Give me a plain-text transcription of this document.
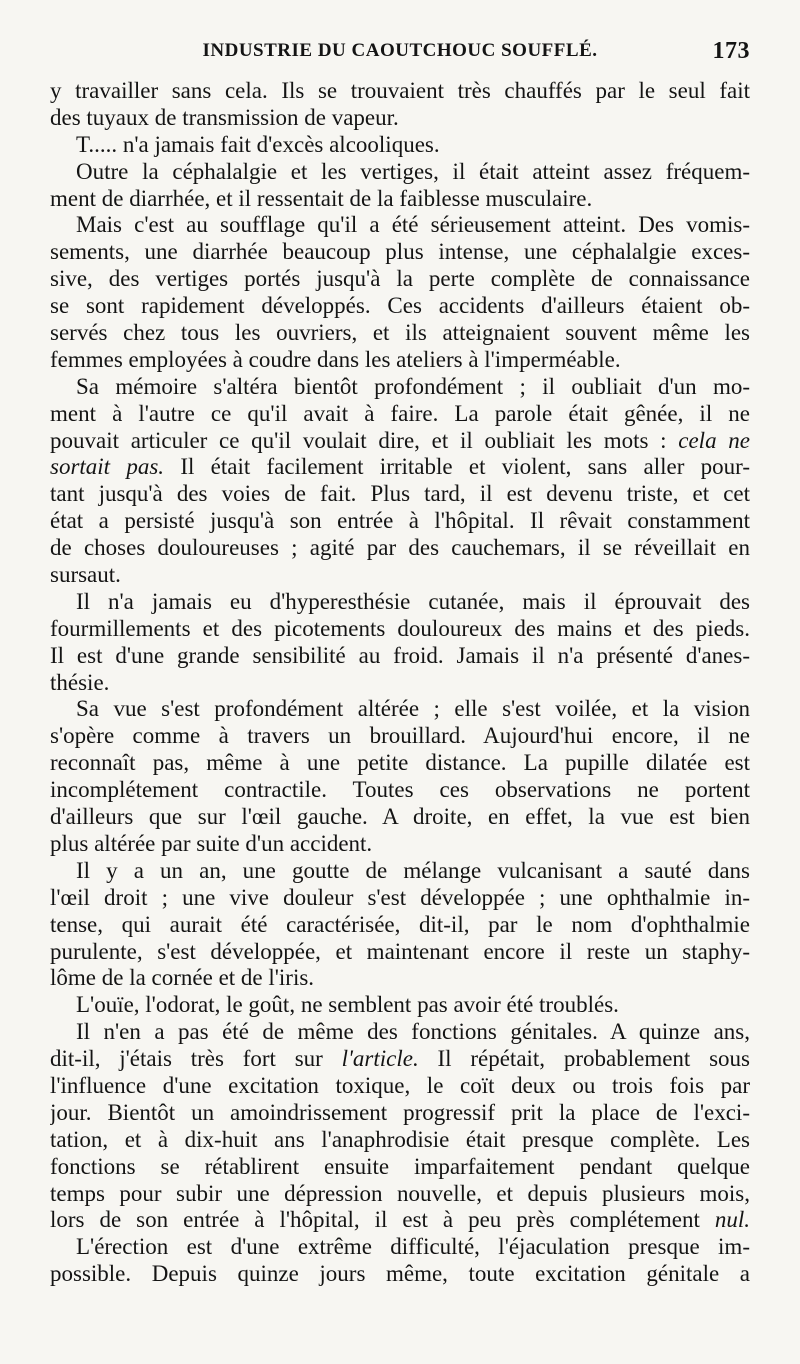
INDUSTRIE DU CAOUTCHOUC SOUFFLÉ.	173
y travailler sans cela. Ils se trouvaient très chauffés par le seul fait
des tuyaux de transmission de vapeur.
T..... n'a jamais fait d'excès alcooliques.
Outre la céphalalgie et les vertiges, il était atteint assez fréquem-
ment de diarrhée, et il ressentait de la faiblesse musculaire.
Mais c'est au soufflage qu'il a été sérieusement atteint. Des vomis-
sements, une diarrhée beaucoup plus intense, une céphalalgie exces-
sive, des vertiges portés jusqu'à la perte complète de connaissance
se sont rapidement développés. Ces accidents d'ailleurs étaient ob-
servés chez tous les ouvriers, et ils atteignaient souvent même les
femmes employées à coudre dans les ateliers à l'imperméable.
Sa mémoire s'altéra bientôt profondément ; il oubliait d'un mo-
ment à l'autre ce qu'il avait à faire. La parole était gênée, il ne
pouvait articuler ce qu'il voulait dire, et il oubliait les mots : cela ne
sortait pas. Il était facilement irritable et violent, sans aller pour-
tant jusqu'à des voies de fait. Plus tard, il est devenu triste, et cet
état a persisté jusqu'à son entrée à l'hôpital. Il rêvait constamment
de choses douloureuses ; agité par des cauchemars, il se réveillait en
sursaut.
Il n'a jamais eu d'hyperesthésie cutanée, mais il éprouvait des
fourmillements et des picotements douloureux des mains et des pieds.
Il est d'une grande sensibilité au froid. Jamais il n'a présenté d'anes-
thésie.
Sa vue s'est profondément altérée ; elle s'est voilée, et la vision
s'opère comme à travers un brouillard. Aujourd'hui encore, il ne
reconnaît pas, même à une petite distance. La pupille dilatée est
incomplétement contractile. Toutes ces observations ne portent
d'ailleurs que sur l'œil gauche. A droite, en effet, la vue est bien
plus altérée par suite d'un accident.
Il y a un an, une goutte de mélange vulcanisant a sauté dans
l'œil droit ; une vive douleur s'est développée ; une ophthalmie in-
tense, qui aurait été caractérisée, dit-il, par le nom d'ophthalmie
purulente, s'est développée, et maintenant encore il reste un staphy-
lôme de la cornée et de l'iris.
L'ouïe, l'odorat, le goût, ne semblent pas avoir été troublés.
Il n'en a pas été de même des fonctions génitales. A quinze ans,
dit-il, j'étais très fort sur l'article. Il répétait, probablement sous
l'influence d'une excitation toxique, le coït deux ou trois fois par
jour. Bientôt un amoindrissement progressif prit la place de l'exci-
tation, et à dix-huit ans l'anaphrodisie était presque complète. Les
fonctions se rétablirent ensuite imparfaitement pendant quelque
temps pour subir une dépression nouvelle, et depuis plusieurs mois,
lors de son entrée à l'hôpital, il est à peu près complétement nul.
L'érection est d'une extrême difficulté, l'éjaculation presque im-
possible. Depuis quinze jours même, toute excitation génitale a
